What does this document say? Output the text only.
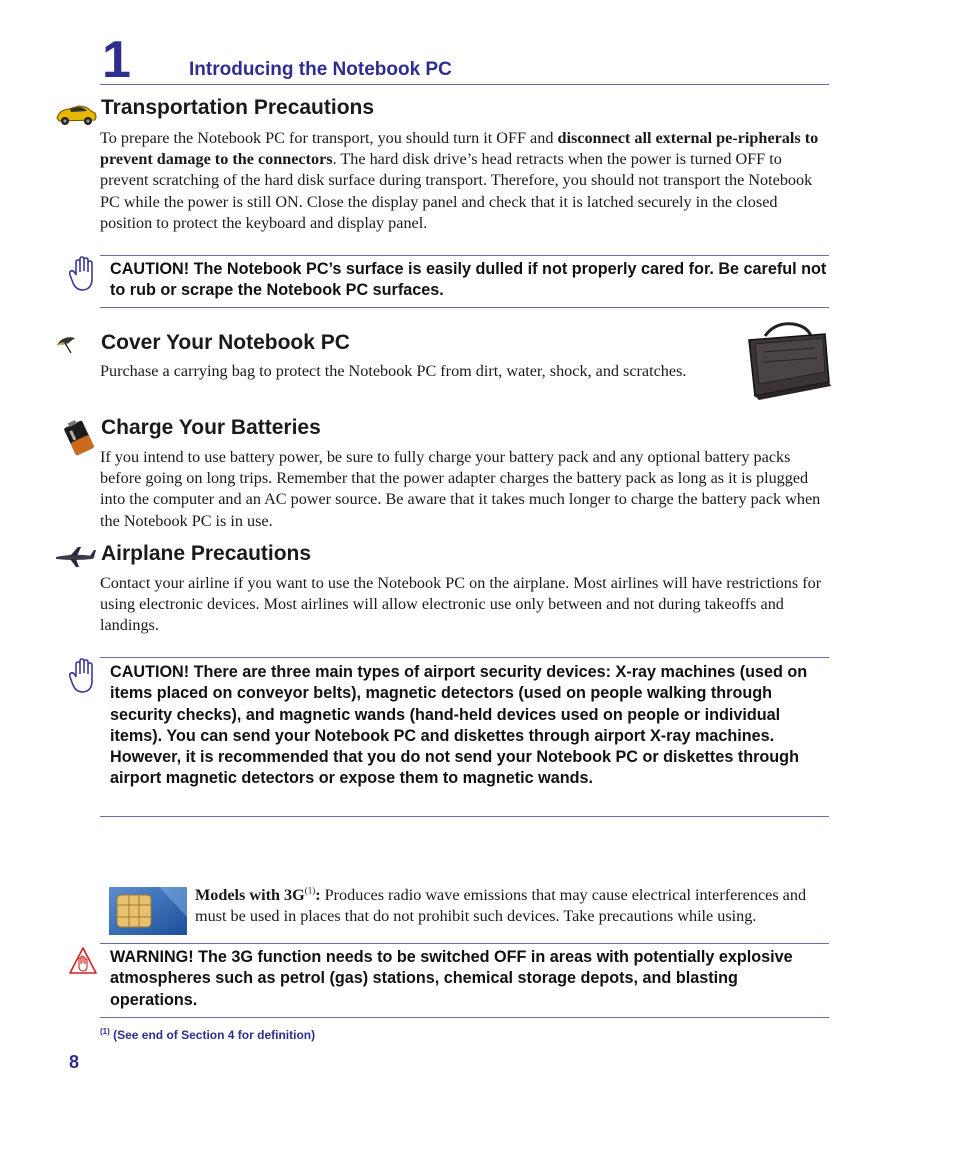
1	Introducing the Notebook PC
Transportation Precautions
To prepare the Notebook PC for transport, you should turn it OFF and disconnect all external pe-ripherals to prevent damage to the connectors. The hard disk drive’s head retracts when the power is turned OFF to prevent scratching of the hard disk surface during transport. Therefore, you should not transport the Notebook PC while the power is still ON. Close the display panel and check that it is latched securely in the closed position to protect the keyboard and display panel.
CAUTION! The Notebook PC’s surface is easily dulled if not properly cared for. Be careful not to rub or scrape the Notebook PC surfaces.
Cover Your Notebook PC
Purchase a carrying bag to protect the Notebook PC from dirt, water, shock, and scratches.
Charge Your Batteries
If you intend to use battery power, be sure to fully charge your battery pack and any optional battery packs before going on long trips. Remember that the power adapter charges the battery pack as long as it is plugged into the computer and an AC power source. Be aware that it takes much longer to charge the battery pack when the Notebook PC is in use.
Airplane Precautions
Contact your airline if you want to use the Notebook PC on the airplane. Most airlines will have restrictions for using electronic devices. Most airlines will allow electronic use only between and not during takeoffs and landings.
CAUTION! There are three main types of airport security devices: X-ray machines (used on items placed on conveyor belts), magnetic detectors (used on people walking through security checks), and magnetic wands (hand-held devices used on people or individual items). You can send your Notebook PC and diskettes through airport X-ray machines. However, it is recommended that you do not send your Notebook PC or diskettes through airport magnetic detectors or expose them to magnetic wands.
Models with $3G^{(1)}$: Produces radio wave emissions that may cause electrical interferences and must be used in places that do not prohibit such devices. Take precautions while using.
WARNING! The 3G function needs to be switched OFF in areas with potentially explosive atmospheres such as petrol (gas) stations, chemical storage depots, and blasting operations.
$^{(1)}$ (See end of Section 4 for definition)
8
